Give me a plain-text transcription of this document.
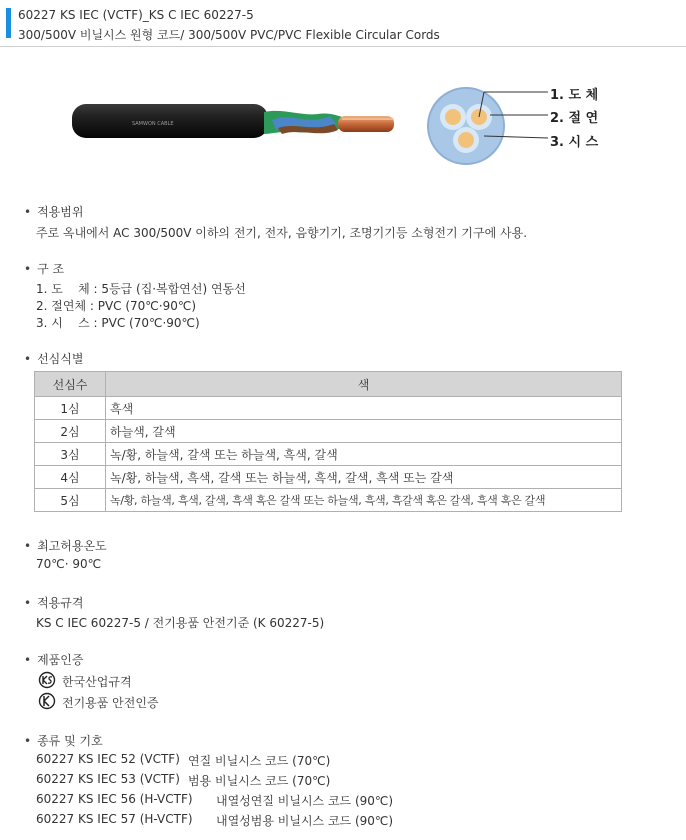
60227 KS IEC (VCTF)_KS C IEC 60227-5
300/500V 비닐시스 원형 코드/ 300/500V PVC/PVC Flexible Circular Cords
SAMWON CABLE
1. 도 체
2. 절 연
3. 시 스
• 적용범위
주로 옥내에서 AC 300/500V 이하의 전기, 전자, 음향기기, 조명기기등 소형전기 기구에 사용.
• 구 조
1. 도    체 : 5등급 (집·복합연선) 연동선
2. 절연체 : PVC (70℃·90℃)
3. 시    스 : PVC (70℃·90℃)
• 선심식별
선심수	색
1심	흑색
2심	하늘색, 갈색
3심	녹/황, 하늘색, 갈색 또는 하늘색, 흑색, 갈색
4심	녹/황, 하늘색, 흑색, 갈색 또는 하늘색, 흑색, 갈색, 흑색 또는 갈색
5심	녹/황, 하늘색, 흑색, 갈색, 흑색 혹은 갈색 또는 하늘색, 흑색, 흑갈색 혹은 갈색, 흑색 혹은 갈색
• 최고허용온도
70℃· 90℃
• 적용규격
KS C IEC 60227-5 / 전기용품 안전기준 (K 60227-5)
• 제품인증
한국산업규격
전기용품 안전인증
• 종류 및 기호
60227 KS IEC 52 (VCTF) 연질 비닐시스 코드 (70℃)
60227 KS IEC 53 (VCTF) 범용 비닐시스 코드 (70℃)
60227 KS IEC 56 (H-VCTF) 내열성연질 비닐시스 코드 (90℃)
60227 KS IEC 57 (H-VCTF) 내열성범용 비닐시스 코드 (90℃)
